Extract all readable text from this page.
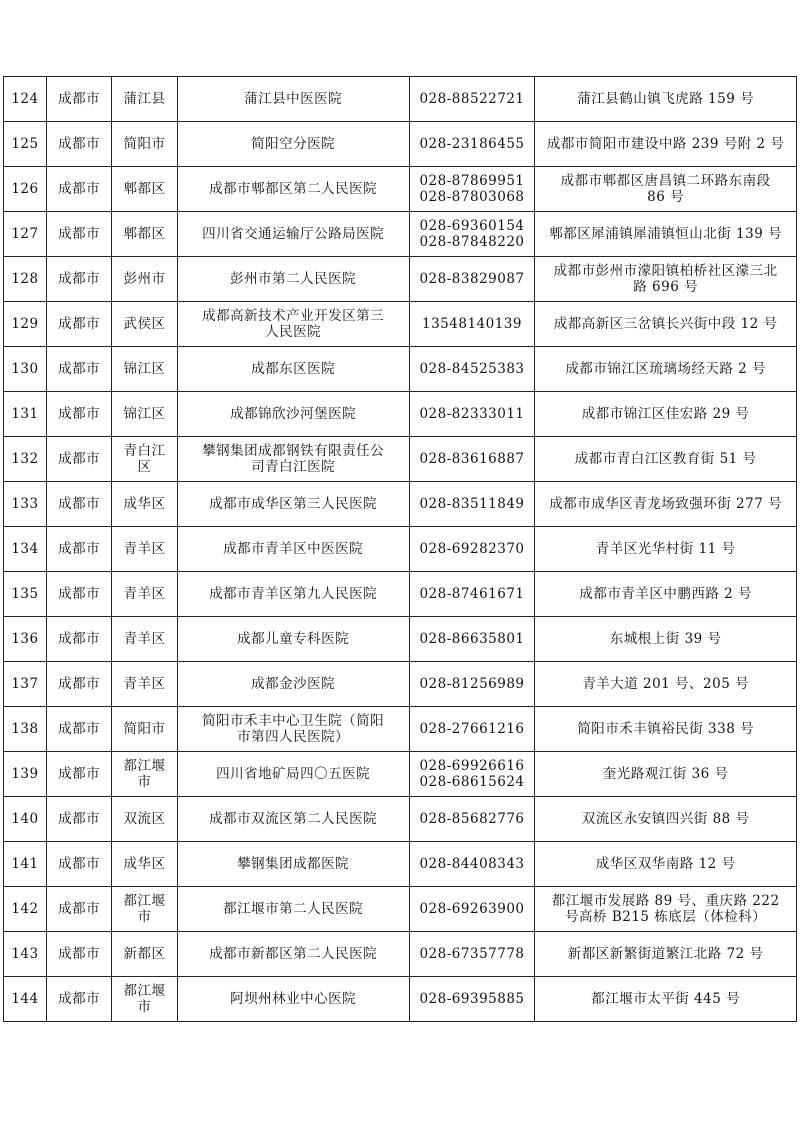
124	成都市	蒲江县	蒲江县中医医院	028-88522721	蒲江县鹤山镇飞虎路 159 号

125	成都市	简阳市	简阳空分医院	028-23186455	成都市简阳市建设中路 239 号附 2 号

126	成都市	郫都区	成都市郫都区第二人民医院	028-87869951
028-87803068	成都市郫都区唐昌镇二环路东南段
86 号

127	成都市	郫都区	四川省交通运输厅公路局医院	028-69360154
028-87848220	郫都区犀浦镇犀浦镇恒山北街 139 号

128	成都市	彭州市	彭州市第二人民医院	028-83829087	成都市彭州市濛阳镇柏桥社区濛三北
路 696 号

129	成都市	武侯区	成都高新技术产业开发区第三
人民医院	13548140139	成都高新区三岔镇长兴街中段 12 号

130	成都市	锦江区	成都东区医院	028-84525383	成都市锦江区琉璃场经天路 2 号

131	成都市	锦江区	成都锦欣沙河堡医院	028-82333011	成都市锦江区佳宏路 29 号

132	成都市	青白江
区	攀钢集团成都钢铁有限责任公
司青白江医院	028-83616887	成都市青白江区教育街 51 号

133	成都市	成华区	成都市成华区第三人民医院	028-83511849	成都市成华区青龙场致强环街 277 号

134	成都市	青羊区	成都市青羊区中医医院	028-69282370	青羊区光华村街 11 号

135	成都市	青羊区	成都市青羊区第九人民医院	028-87461671	成都市青羊区中鹏西路 2 号

136	成都市	青羊区	成都儿童专科医院	028-86635801	东城根上街 39 号

137	成都市	青羊区	成都金沙医院	028-81256989	青羊大道 201 号、205 号

138	成都市	简阳市	简阳市禾丰中心卫生院（简阳
市第四人民医院）	028-27661216	简阳市禾丰镇裕民街 338 号

139	成都市	都江堰
市	四川省地矿局四〇五医院	028-69926616
028-68615624	奎光路观江街 36 号

140	成都市	双流区	成都市双流区第二人民医院	028-85682776	双流区永安镇四兴街 88 号

141	成都市	成华区	攀钢集团成都医院	028-84408343	成华区双华南路 12 号

142	成都市	都江堰
市	都江堰市第二人民医院	028-69263900	都江堰市发展路 89 号、重庆路 222
号高桥 B215 栋底层（体检科）

143	成都市	新都区	成都市新都区第二人民医院	028-67357778	新都区新繁街道繁江北路 72 号

144	成都市	都江堰
市	阿坝州林业中心医院	028-69395885	都江堰市太平街 445 号
